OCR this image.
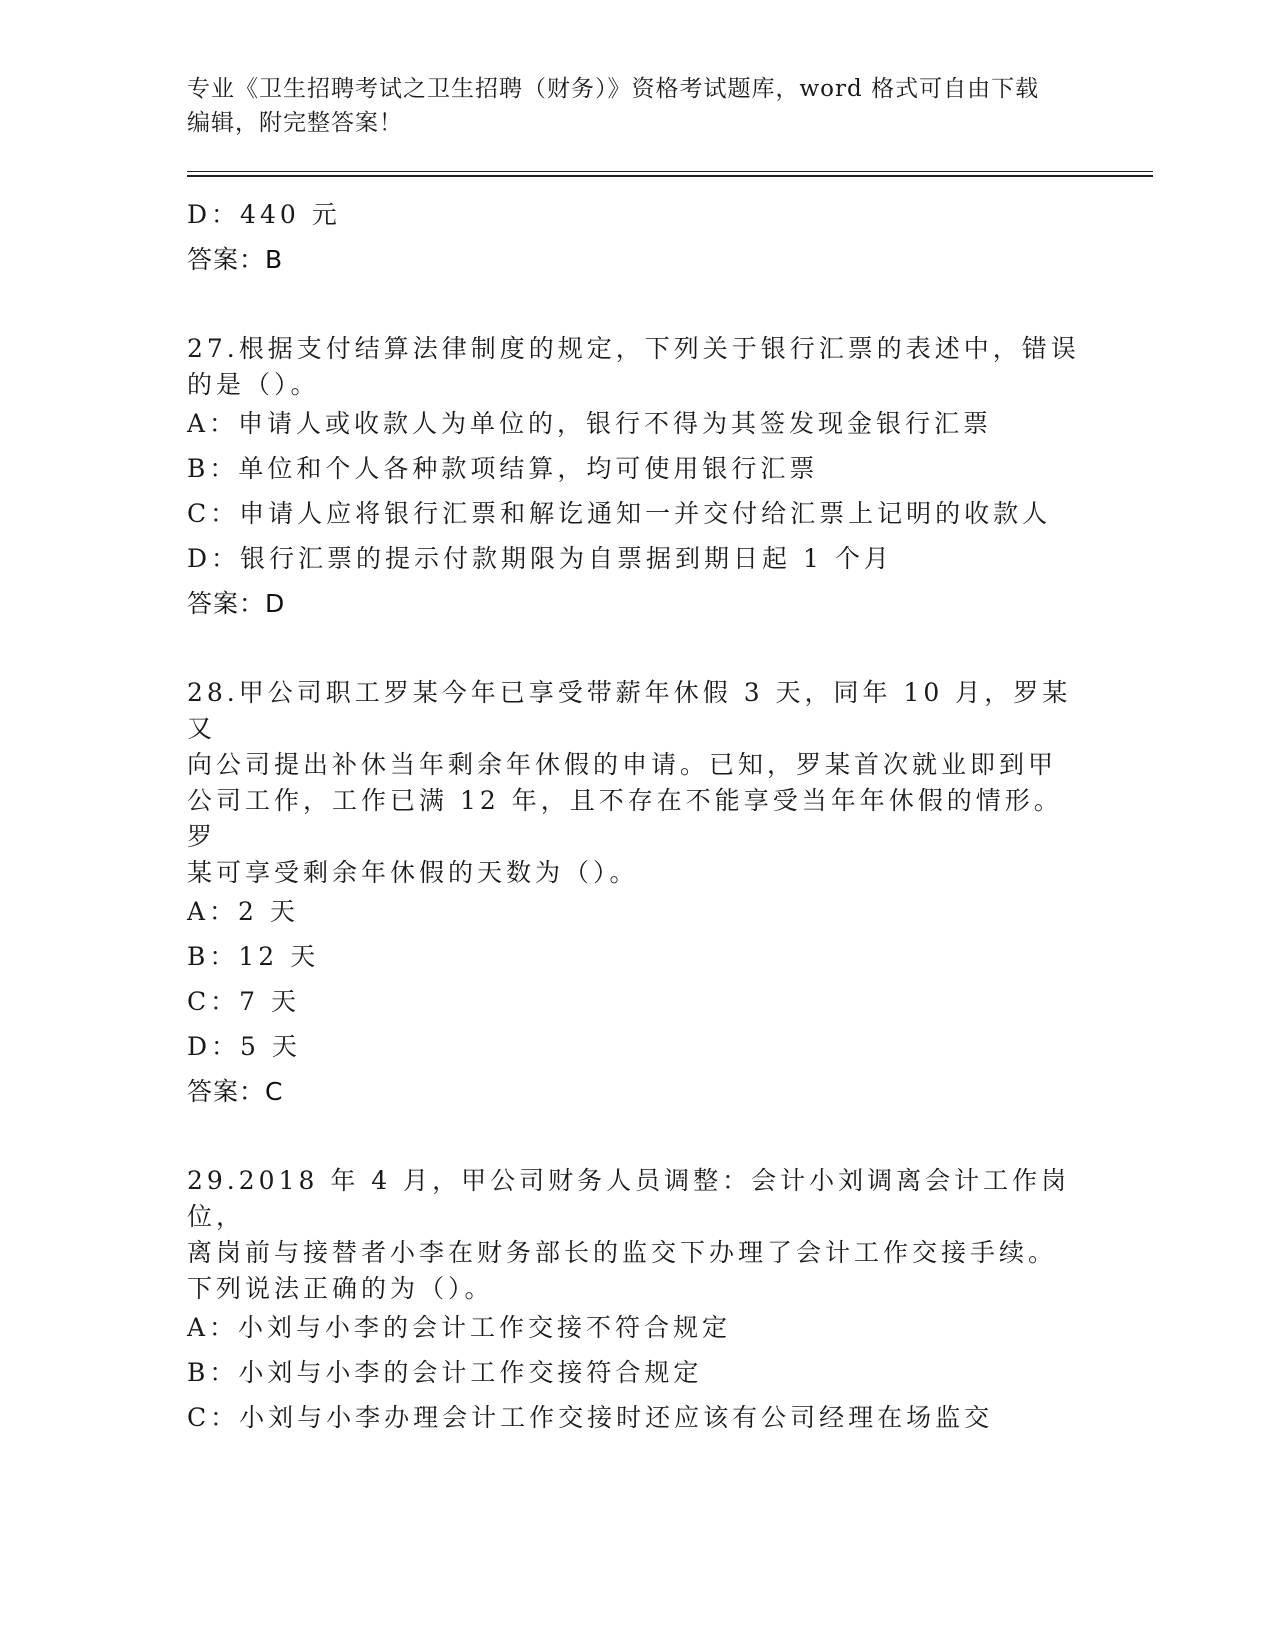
专业《卫生招聘考试之卫生招聘（财务）》资格考试题库，word 格式可自由下载
编辑，附完整答案！
D：440 元
答案：B
27.根据支付结算法律制度的规定，下列关于银行汇票的表述中，错误
的是（）。
A：申请人或收款人为单位的，银行不得为其签发现金银行汇票
B：单位和个人各种款项结算，均可使用银行汇票
C：申请人应将银行汇票和解讫通知一并交付给汇票上记明的收款人
D：银行汇票的提示付款期限为自票据到期日起 1 个月
答案：D
28.甲公司职工罗某今年已享受带薪年休假 3 天，同年 10 月，罗某又
向公司提出补休当年剩余年休假的申请。已知，罗某首次就业即到甲
公司工作，工作已满 12 年，且不存在不能享受当年年休假的情形。罗
某可享受剩余年休假的天数为（）。
A：2 天
B：12 天
C：7 天
D：5 天
答案：C
29.2018 年 4 月，甲公司财务人员调整：会计小刘调离会计工作岗位，
离岗前与接替者小李在财务部长的监交下办理了会计工作交接手续。
下列说法正确的为（）。
A：小刘与小李的会计工作交接不符合规定
B：小刘与小李的会计工作交接符合规定
C：小刘与小李办理会计工作交接时还应该有公司经理在场监交
